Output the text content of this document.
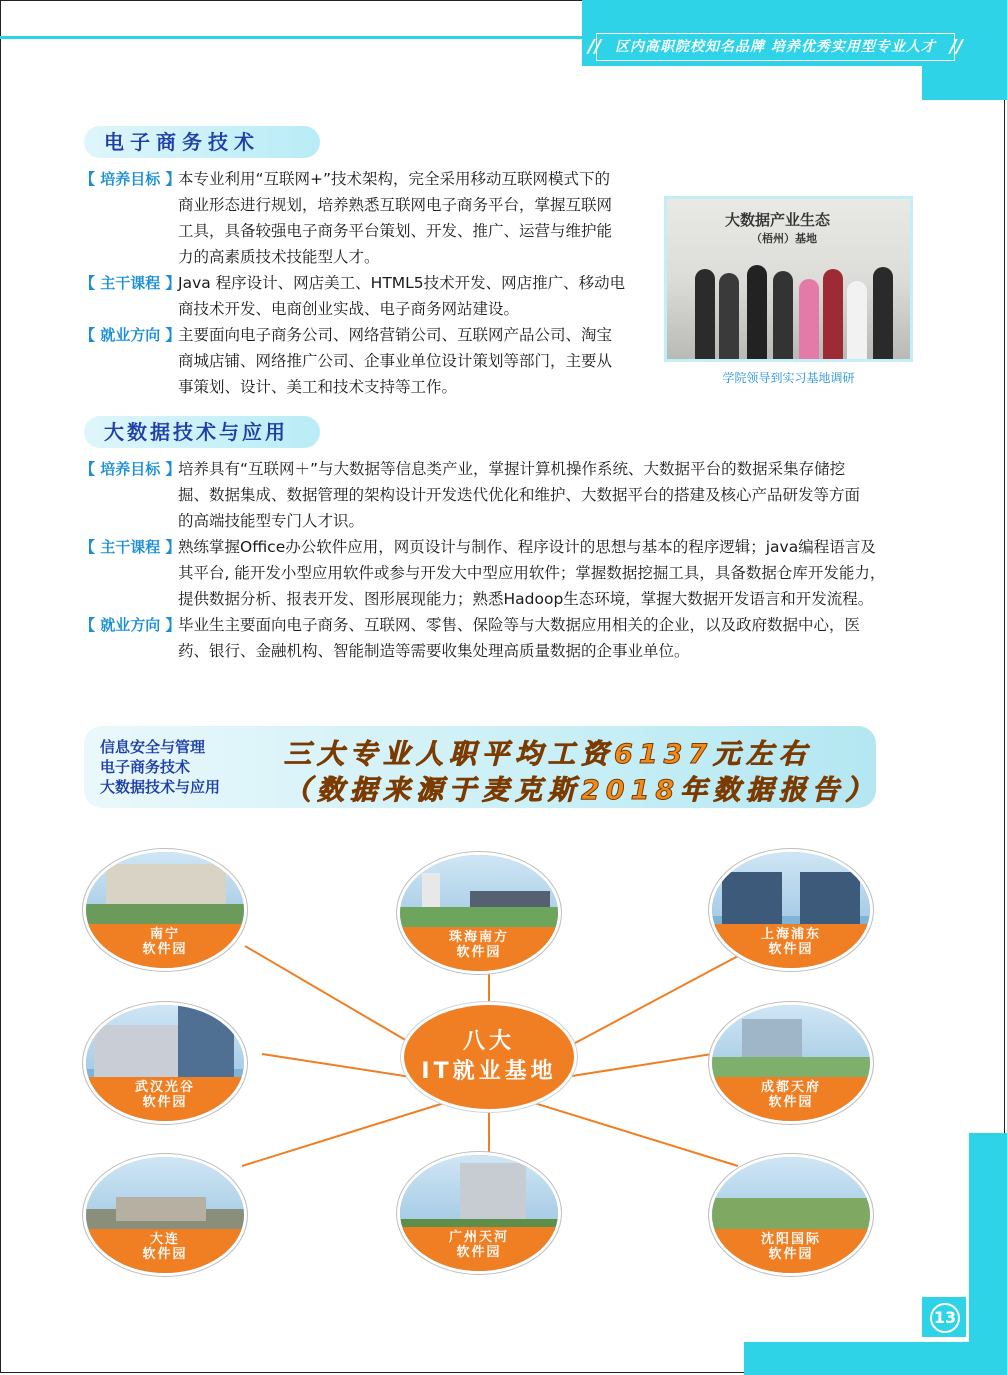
// 区内高职院校知名品牌 培养优秀实用型专业人才 //
电子商务技术
【 培养目标 】
本专业利用“互联网+”技术架构，完全采用移动互联网模式下的
商业形态进行规划，培养熟悉互联网电子商务平台，掌握互联网
工具，具备较强电子商务平台策划、开发、推广、运营与维护能
力的高素质技术技能型人才。
【 主干课程 】
Java 程序设计、网店美工、HTML5技术开发、网店推广、移动电
商技术开发、电商创业实战、电子商务网站建设。
【 就业方向 】
主要面向电子商务公司、网络营销公司、互联网产品公司、淘宝
商城店铺、网络推广公司、企事业单位设计策划等部门，主要从
事策划、设计、美工和技术支持等工作。
大数据产业生态
（梧州）基地
学院领导到实习基地调研
大数据技术与应用
【 培养目标 】
培养具有“互联网＋”与大数据等信息类产业，掌握计算机操作系统、大数据平台的数据采集存储挖
掘、数据集成、数据管理的架构设计开发迭代优化和维护、大数据平台的搭建及核心产品研发等方面
的高端技能型专门人才识。
【 主干课程 】
熟练掌握Office办公软件应用，网页设计与制作、程序设计的思想与基本的程序逻辑；java编程语言及
其平台, 能开发小型应用软件或参与开发大中型应用软件；掌握数据挖掘工具，具备数据仓库开发能力，
提供数据分析、报表开发、图形展现能力；熟悉Hadoop生态环境，掌握大数据开发语言和开发流程。
【 就业方向 】
毕业生主要面向电子商务、互联网、零售、保险等与大数据应用相关的企业，以及政府数据中心，医
药、银行、金融机构、智能制造等需要收集处理高质量数据的企事业单位。
信息安全与管理
电子商务技术
大数据技术与应用
三大专业人职平均工资6137元左右
（数据来源于麦克斯2018年数据报告）
南宁
软件园
珠海南方
软件园
上海浦东
软件园
武汉光谷
软件园
八大
IT就业基地
成都天府
软件园
大连
软件园
广州天河
软件园
沈阳国际
软件园
13
